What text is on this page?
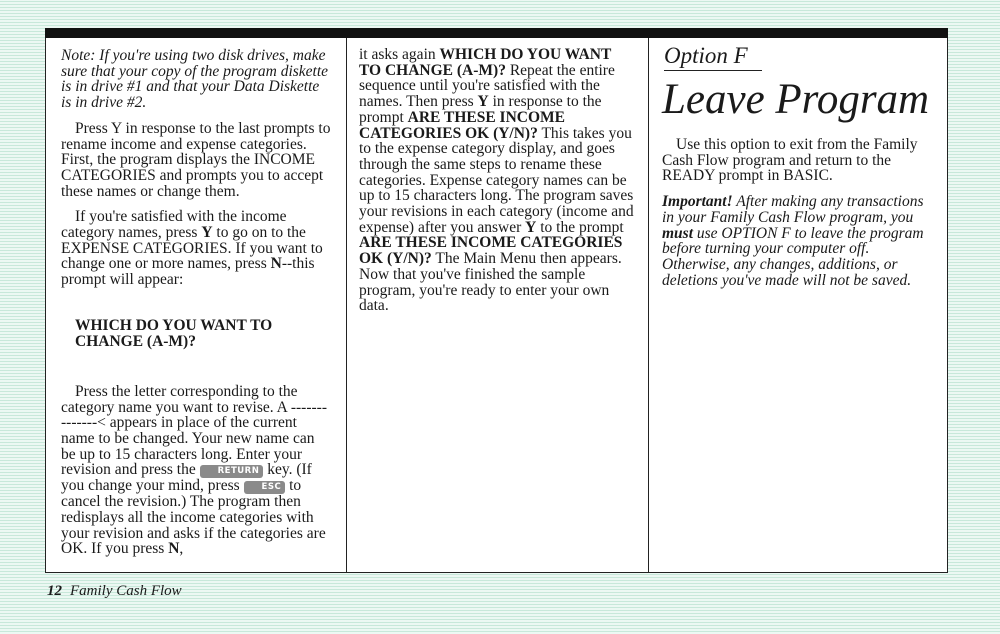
Note: If you're using two disk drives, make sure that your copy of the program diskette is in drive #1 and that your Data Diskette is in drive #2.

Press Y in response to the last prompts to rename income and expense categories. First, the program displays the INCOME CATEGORIES and prompts you to accept these names or change them.

If you're satisfied with the income category names, press Y to go on to the EXPENSE CATEGORIES. If you want to change one or more names, press N--this prompt will appear:

WHICH DO YOU WANT TO CHANGE (A-M)?

Press the letter corresponding to the category name you want to revise. A --------------< appears in place of the current name to be changed. Your new name can be up to 15 characters long. Enter your revision and press the RETURN key. (If you change your mind, press ESC to cancel the revision.) The program then redisplays all the income categories with your revision and asks if the categories are OK. If you press N,

it asks again WHICH DO YOU WANT TO CHANGE (A-M)? Repeat the entire sequence until you're satisfied with the names. Then press Y in response to the prompt ARE THESE INCOME CATEGORIES OK (Y/N)? This takes you to the expense category display, and goes through the same steps to rename these categories. Expense category names can be up to 15 characters long. The program saves your revisions in each category (income and expense) after you answer Y to the prompt ARE THESE INCOME CATEGORIES OK (Y/N)? The Main Menu then appears. Now that you've finished the sample program, you're ready to enter your own data.

Option F
Leave Program

Use this option to exit from the Family Cash Flow program and return to the READY prompt in BASIC.

Important! After making any transactions in your Family Cash Flow program, you must use OPTION F to leave the program before turning your computer off. Otherwise, any changes, additions, or deletions you've made will not be saved.

12 Family Cash Flow
